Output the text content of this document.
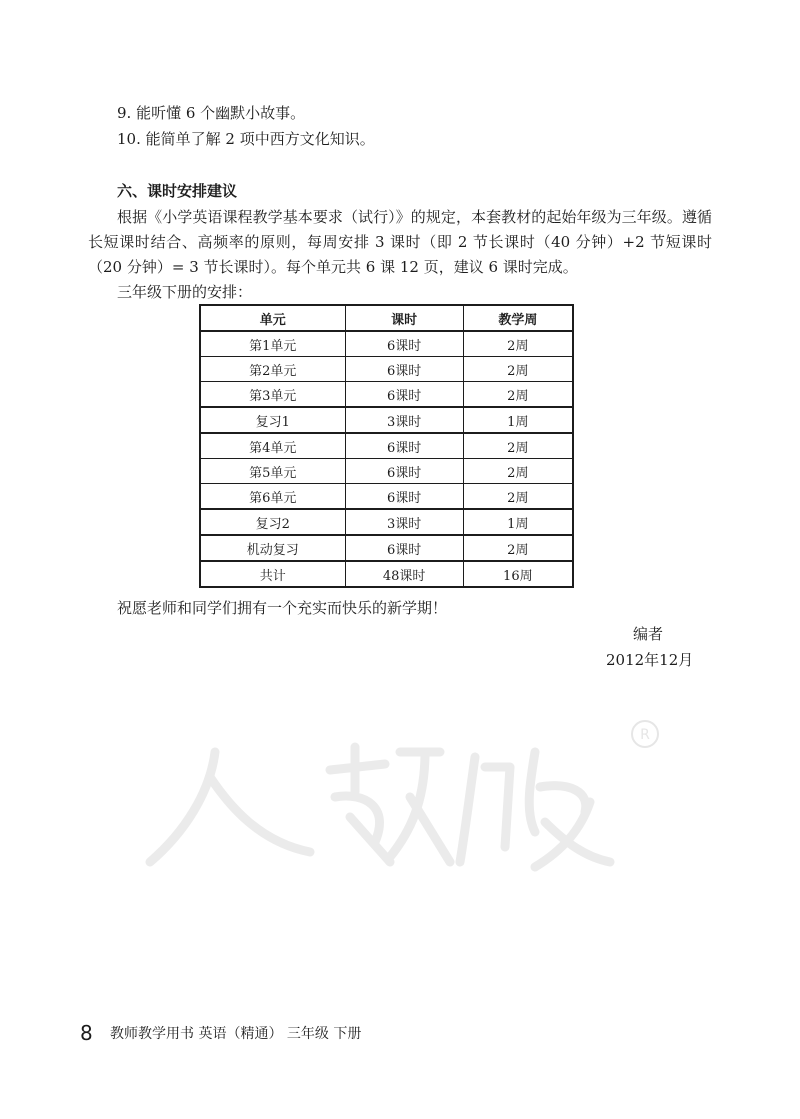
9. 能听懂 6 个幽默小故事。
10. 能简单了解 2 项中西方文化知识。
六、课时安排建议
根据《小学英语课程教学基本要求（试行）》的规定，本套教材的起始年级为三年级。遵循长短课时结合、高频率的原则，每周安排 3 课时（即 2 节长课时（40 分钟）+2 节短课时（20 分钟）= 3 节长课时）。每个单元共 6 课 12 页，建议 6 课时完成。
三年级下册的安排：
单元	课时	教学周
第1单元	6课时	2周
第2单元	6课时	2周
第3单元	6课时	2周
复习1	3课时	1周
第4单元	6课时	2周
第5单元	6课时	2周
第6单元	6课时	2周
复习2	3课时	1周
机动复习	6课时	2周
共计	48课时	16周
祝愿老师和同学们拥有一个充实而快乐的新学期！
编者
2012年12月
R
8 教师教学用书 英语（精通） 三年级 下册
